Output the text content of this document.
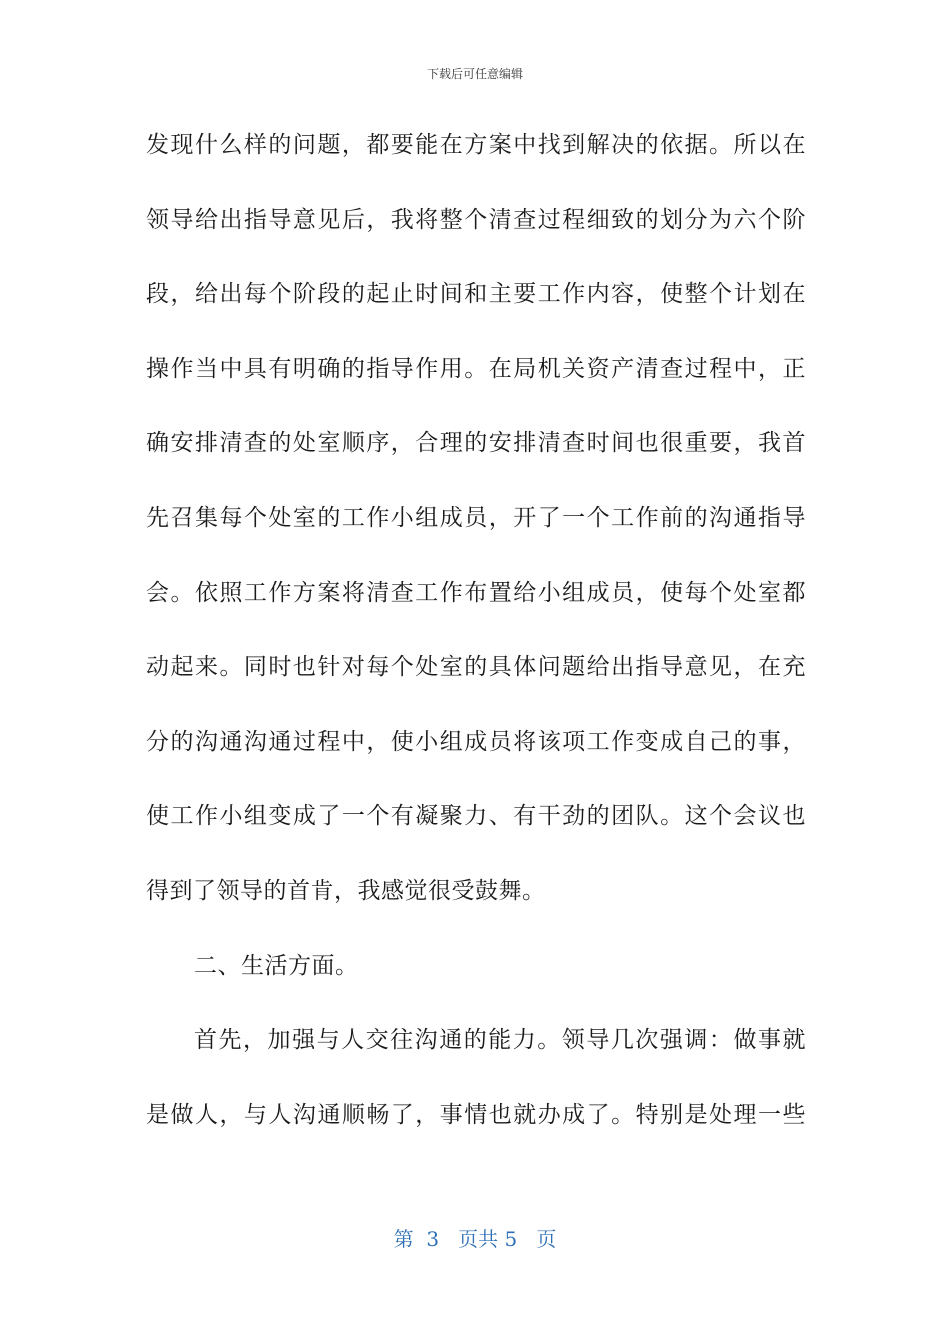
下载后可任意编辑
发现什么样的问题，都要能在方案中找到解决的依据。所以在
领导给出指导意见后，我将整个清查过程细致的划分为六个阶
段，给出每个阶段的起止时间和主要工作内容，使整个计划在
操作当中具有明确的指导作用。在局机关资产清查过程中，正
确安排清查的处室顺序，合理的安排清查时间也很重要，我首
先召集每个处室的工作小组成员，开了一个工作前的沟通指导
会。依照工作方案将清查工作布置给小组成员，使每个处室都
动起来。同时也针对每个处室的具体问题给出指导意见，在充
分的沟通沟通过程中，使小组成员将该项工作变成自己的事，
使工作小组变成了一个有凝聚力、有干劲的团队。这个会议也
得到了领导的首肯，我感觉很受鼓舞。
二、生活方面。
首先，加强与人交往沟通的能力。领导几次强调：做事就
是做人，与人沟通顺畅了，事情也就办成了。特别是处理一些
第  3   页共 5   页
